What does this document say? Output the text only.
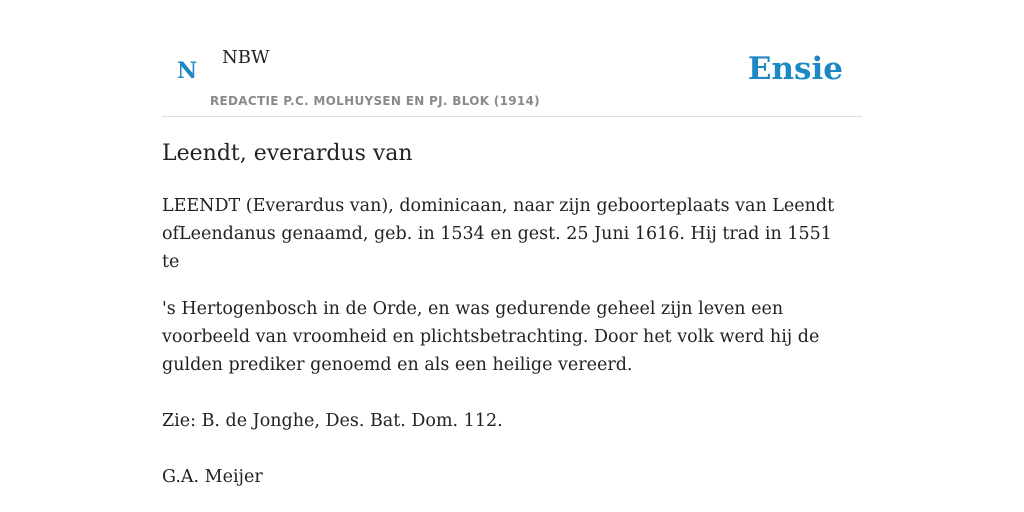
N
NBW
REDACTIE P.C. MOLHUYSEN EN PJ. BLOK (1914)
Ensie
Leendt, everardus van

LEENDT (Everardus van), dominicaan, naar zijn geboorteplaats van Leendt ofLeendanus genaamd, geb. in 1534 en gest. 25 Juni 1616. Hij trad in 1551 te

's Hertogenbosch in de Orde, en was gedurende geheel zijn leven een voorbeeld van vroomheid en plichtsbetrachting. Door het volk werd hij de gulden prediker genoemd en als een heilige vereerd.

Zie: B. de Jonghe, Des. Bat. Dom. 112.

G.A. Meijer
